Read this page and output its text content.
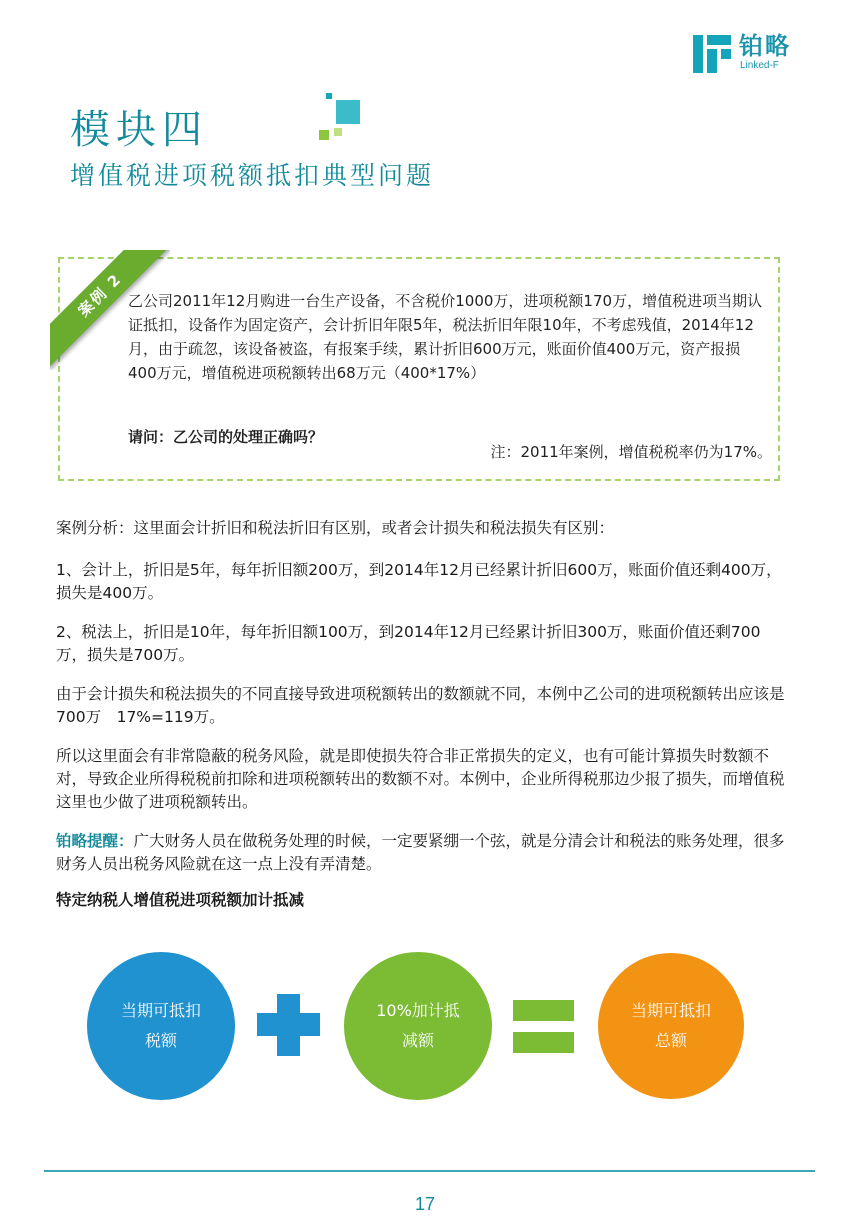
铂略
Linked-F
模块四
增值税进项税额抵扣典型问题
案例 2 乙公司2011年12月购进一台生产设备，不含税价1000万，进项税额170万，增值税进项当期认证抵扣，设备作为固定资产，会计折旧年限5年，税法折旧年限10年，不考虑残值，2014年12月，由于疏忽，该设备被盗，有报案手续，累计折旧600万元，账面价值400万元，资产报损400万元，增值税进项税额转出68万元（400*17%）

请问：乙公司的处理正确吗？
注：2011年案例，增值税税率仍为17%。

案例分析：这里面会计折旧和税法折旧有区别，或者会计损失和税法损失有区别：

1、会计上，折旧是5年，每年折旧额200万，到2014年12月已经累计折旧600万，账面价值还剩400万，损失是400万。

2、税法上，折旧是10年，每年折旧额100万，到2014年12月已经累计折旧300万，账面价值还剩700万，损失是700万。

由于会计损失和税法损失的不同直接导致进项税额转出的数额就不同，本例中乙公司的进项税额转出应该是700万　17%=119万。

所以这里面会有非常隐蔽的税务风险，就是即使损失符合非正常损失的定义，也有可能计算损失时数额不对，导致企业所得税税前扣除和进项税额转出的数额不对。本例中，企业所得税那边少报了损失，而增值税这里也少做了进项税额转出。

铂略提醒：广大财务人员在做税务处理的时候，一定要紧绷一个弦，就是分清会计和税法的账务处理，很多财务人员出税务风险就在这一点上没有弄清楚。

特定纳税人增值税进项税额加计抵减

当期可抵扣
税额
10%加计抵
减额
当期可抵扣
总额
17
